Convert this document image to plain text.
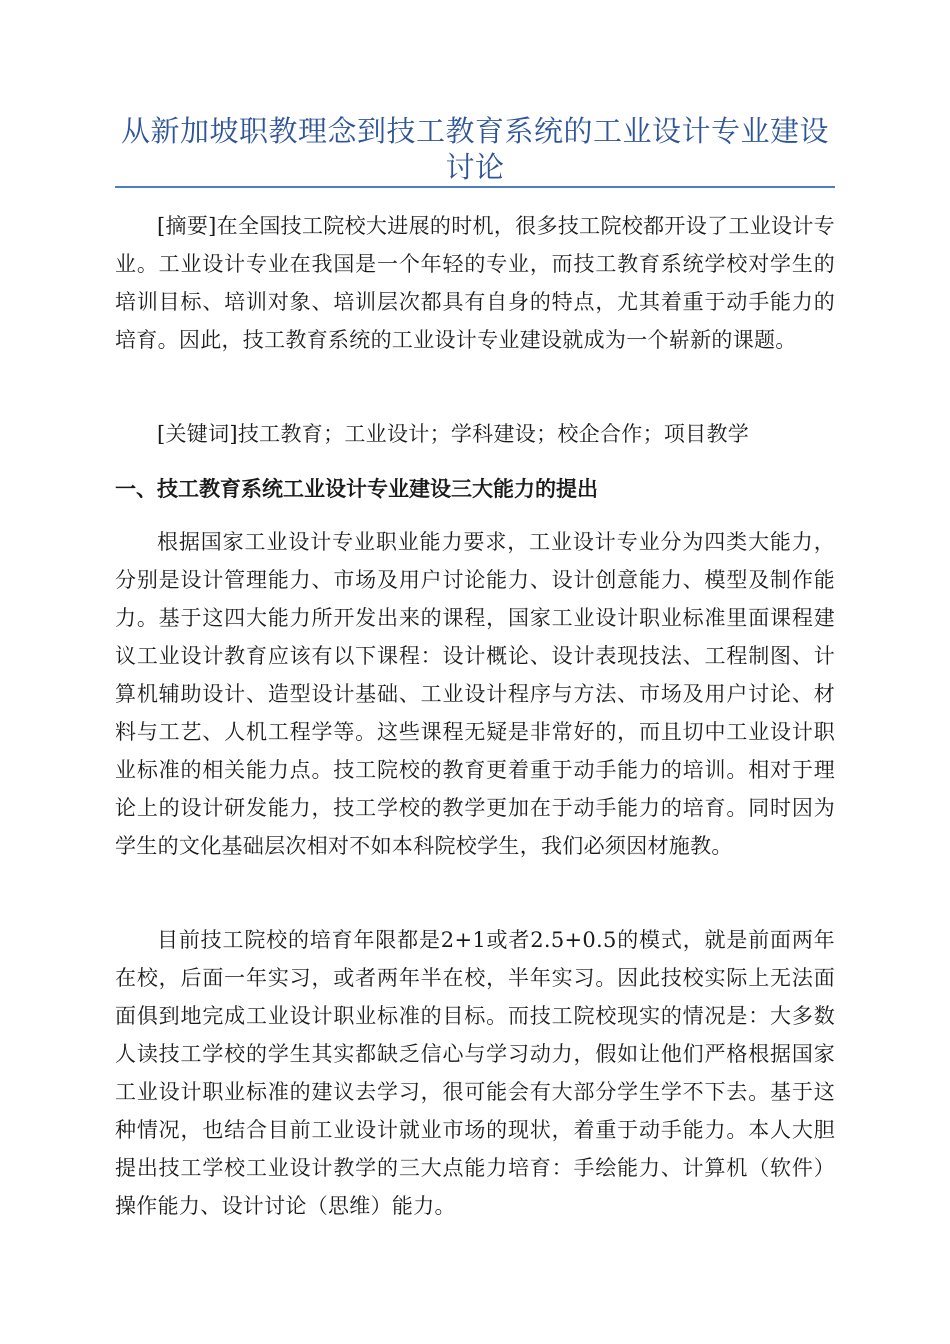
从新加坡职教理念到技工教育系统的工业设计专业建设讨论

[摘要]在全国技工院校大进展的时机，很多技工院校都开设了工业设计专业。工业设计专业在我国是一个年轻的专业，而技工教育系统学校对学生的培训目标、培训对象、培训层次都具有自身的特点，尤其着重于动手能力的培育。因此，技工教育系统的工业设计专业建设就成为一个崭新的课题。

[关键词]技工教育；工业设计；学科建设；校企合作；项目教学

一、技工教育系统工业设计专业建设三大能力的提出

根据国家工业设计专业职业能力要求，工业设计专业分为四类大能力，分别是设计管理能力、市场及用户讨论能力、设计创意能力、模型及制作能力。基于这四大能力所开发出来的课程，国家工业设计职业标准里面课程建议工业设计教育应该有以下课程：设计概论、设计表现技法、工程制图、计算机辅助设计、造型设计基础、工业设计程序与方法、市场及用户讨论、材料与工艺、人机工程学等。这些课程无疑是非常好的，而且切中工业设计职业标准的相关能力点。技工院校的教育更着重于动手能力的培训。相对于理论上的设计研发能力，技工学校的教学更加在于动手能力的培育。同时因为学生的文化基础层次相对不如本科院校学生，我们必须因材施教。

目前技工院校的培育年限都是2+1或者2.5+0.5的模式，就是前面两年在校，后面一年实习，或者两年半在校，半年实习。因此技校实际上无法面面俱到地完成工业设计职业标准的目标。而技工院校现实的情况是：大多数人读技工学校的学生其实都缺乏信心与学习动力，假如让他们严格根据国家工业设计职业标准的建议去学习，很可能会有大部分学生学不下去。基于这种情况，也结合目前工业设计就业市场的现状，着重于动手能力。本人大胆提出技工学校工业设计教学的三大点能力培育：手绘能力、计算机（软件）操作能力、设计讨论（思维）能力。
